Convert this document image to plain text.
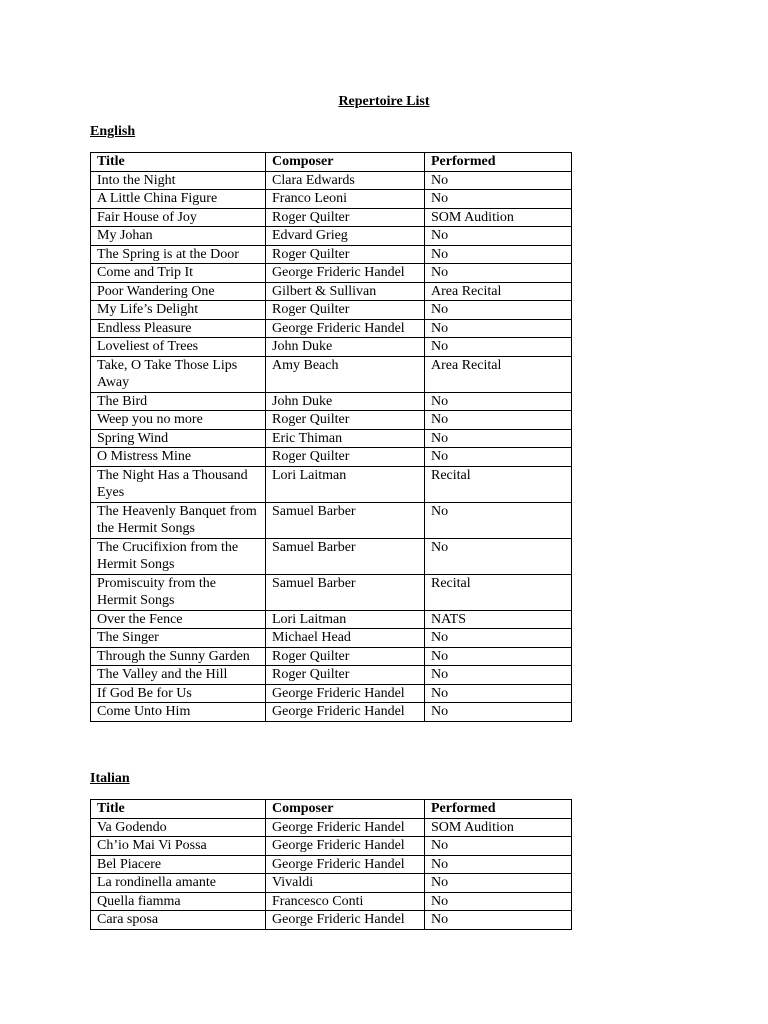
Repertoire List
English
Title	Composer	Performed
Into the Night	Clara Edwards	No
A Little China Figure	Franco Leoni	No
Fair House of Joy	Roger Quilter	SOM Audition
My Johan	Edvard Grieg	No
The Spring is at the Door	Roger Quilter	No
Come and Trip It	George Frideric Handel	No
Poor Wandering One	Gilbert & Sullivan	Area Recital
My Life’s Delight	Roger Quilter	No
Endless Pleasure	George Frideric Handel	No
Loveliest of Trees	John Duke	No
Take, O Take Those Lips Away	Amy Beach	Area Recital
The Bird	John Duke	No
Weep you no more	Roger Quilter	No
Spring Wind	Eric Thiman	No
O Mistress Mine	Roger Quilter	No
The Night Has a Thousand Eyes	Lori Laitman	Recital
The Heavenly Banquet from the Hermit Songs	Samuel Barber	No
The Crucifixion from the Hermit Songs	Samuel Barber	No
Promiscuity from the Hermit Songs	Samuel Barber	Recital
Over the Fence	Lori Laitman	NATS
The Singer	Michael Head	No
Through the Sunny Garden	Roger Quilter	No
The Valley and the Hill	Roger Quilter	No
If God Be for Us	George Frideric Handel	No
Come Unto Him	George Frideric Handel	No
Italian
Title	Composer	Performed
Va Godendo	George Frideric Handel	SOM Audition
Ch’io Mai Vi Possa	George Frideric Handel	No
Bel Piacere	George Frideric Handel	No
La rondinella amante	Vivaldi	No
Quella fiamma	Francesco Conti	No
Cara sposa	George Frideric Handel	No
